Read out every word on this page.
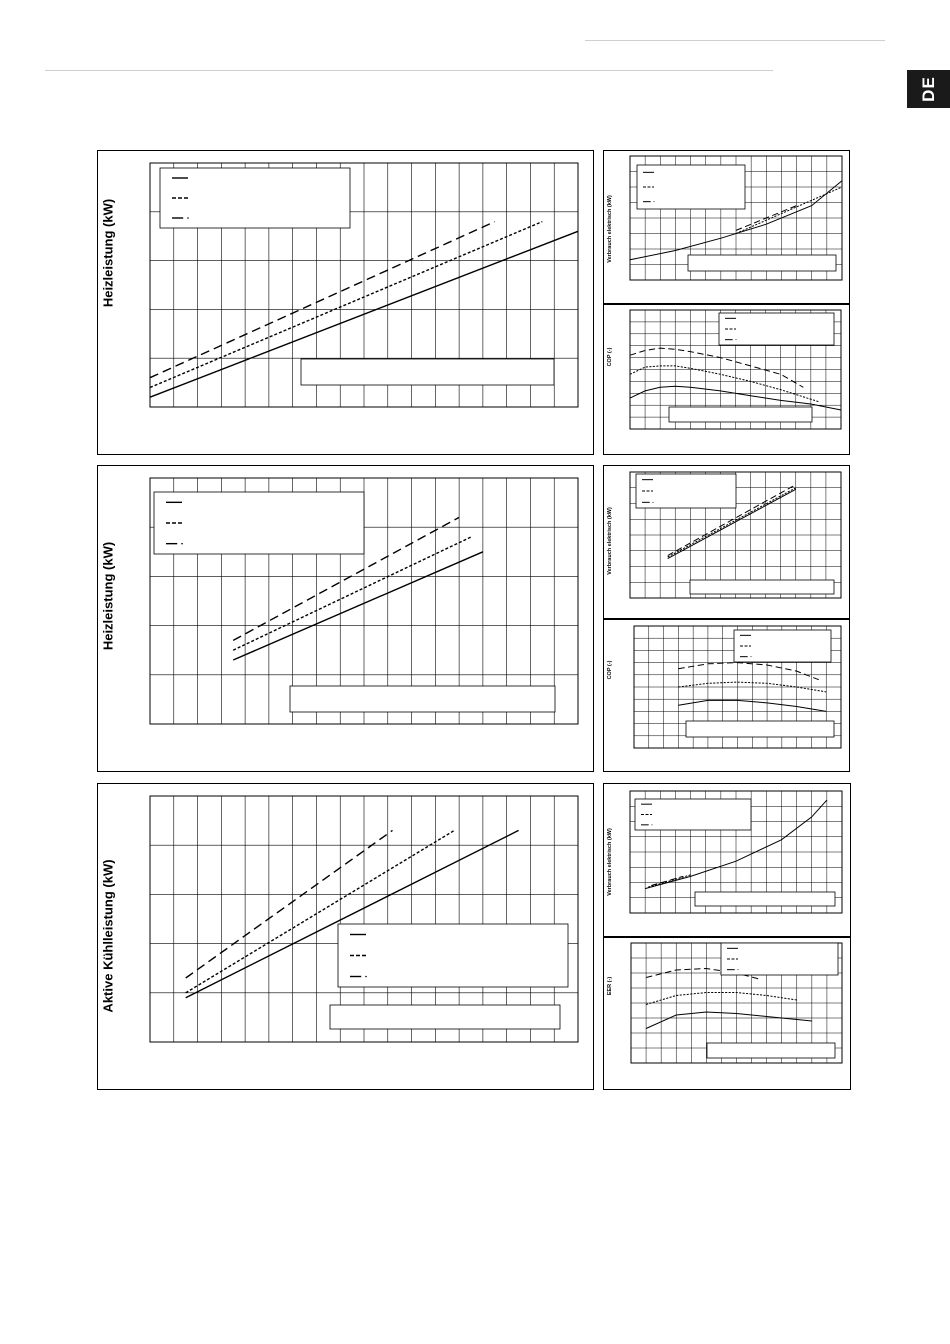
DE
Heizleistung (kW)	Verbrauch elektrisch (kW)
COP (-)
Heizleistung (kW)
Verbrauch elektrisch (kW)
COP (-)
Aktive Kühlleistung (kW)	Verbrauch elektrisch (kW)
EER (-)
